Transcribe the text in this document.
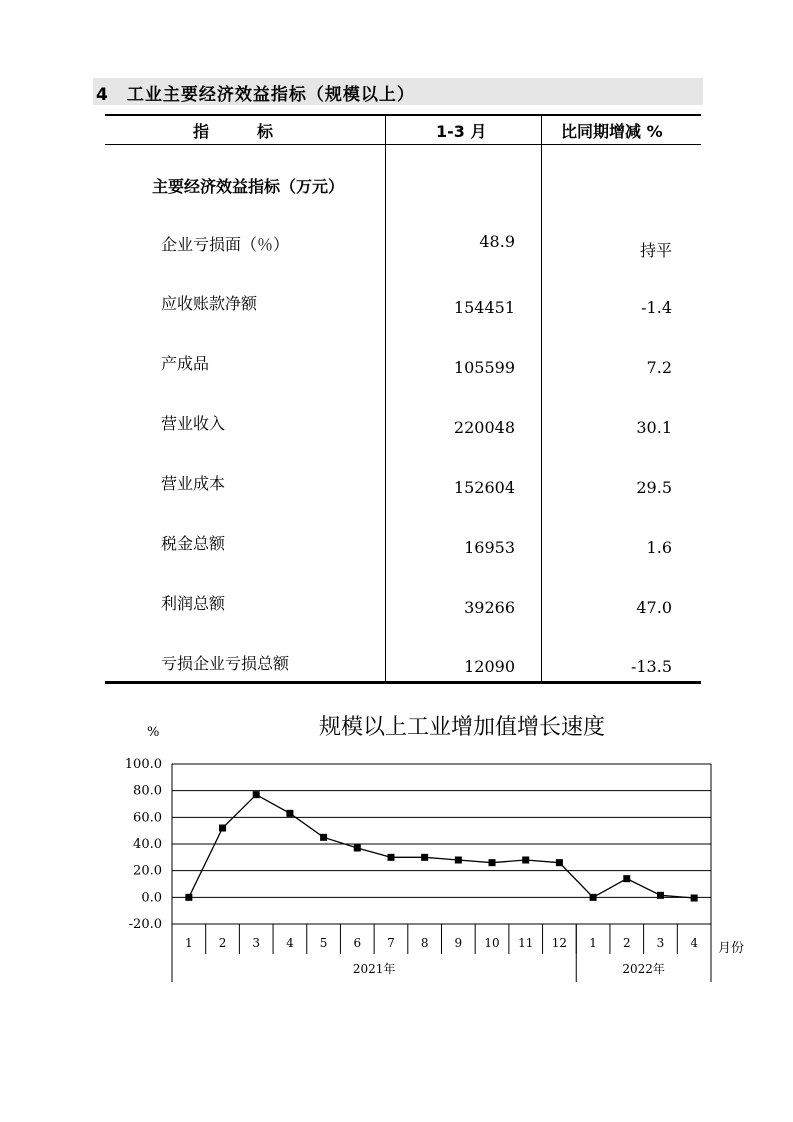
4　工业主要经济效益指标（规模以上）
指　　　标	1-3 月	比同期增减 %
主要经济效益指标（万元）
企业亏损面（％）	48.9	持平
应收账款净额	154451	-1.4
产成品	105599	7.2
营业收入	220048	30.1
营业成本	152604	29.5
税金总额	16953	1.6
利润总额	39266	47.0
亏损企业亏损总额	12090	-13.5
规模以上工业增加值增长速度
%
100.0
80.0
60.0
40.0
20.0
0.0
-20.0
1 2 3 4 5 6 7 8 9 10 11 12 1 2 3 4
2021年	2022年
月份
